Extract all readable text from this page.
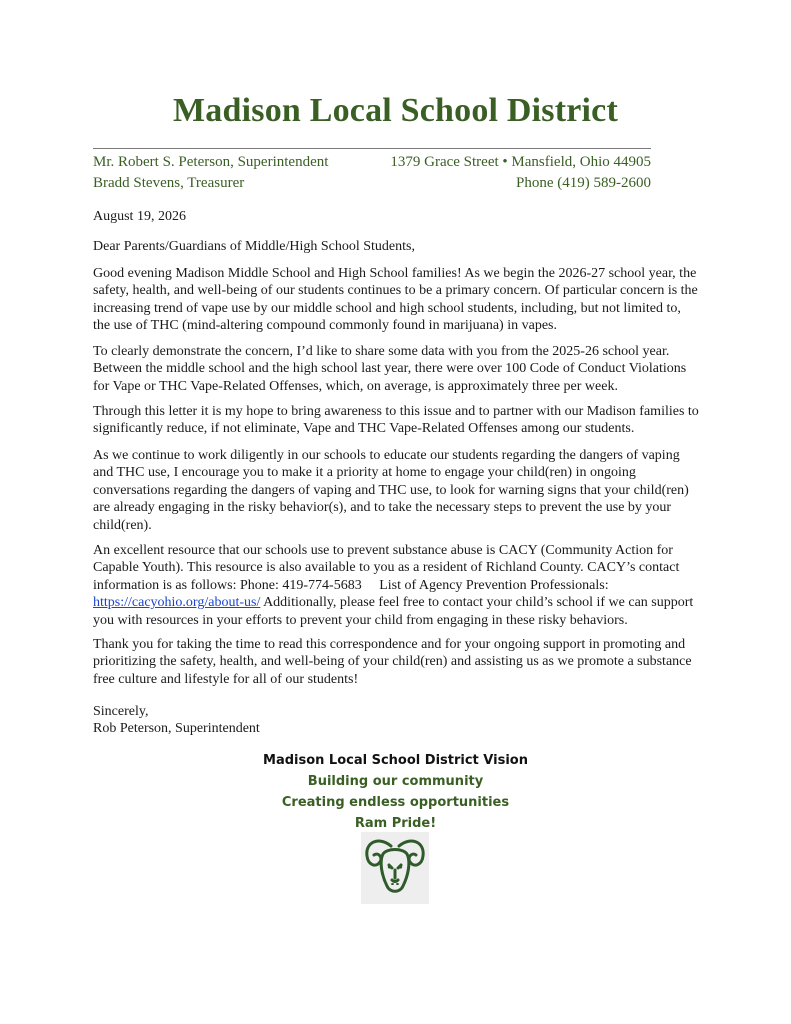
Madison Local School District
Mr. Robert S. Peterson, Superintendent
Bradd Stevens, Treasurer
1379 Grace Street • Mansfield, Ohio 44905
Phone (419) 589-2600

August 19, 2026

Dear Parents/Guardians of Middle/High School Students,

Good evening Madison Middle School and High School families! As we begin the 2026-27 school year, the safety, health, and well-being of our students continues to be a primary concern. Of particular concern is the increasing trend of vape use by our middle school and high school students, including, but not limited to, the use of THC (mind-altering compound commonly found in marijuana) in vapes.

To clearly demonstrate the concern, I’d like to share some data with you from the 2025-26 school year. Between the middle school and the high school last year, there were over 100 Code of Conduct Violations for Vape or THC Vape-Related Offenses, which, on average, is approximately three per week.

Through this letter it is my hope to bring awareness to this issue and to partner with our Madison families to significantly reduce, if not eliminate, Vape and THC Vape-Related Offenses among our students.

As we continue to work diligently in our schools to educate our students regarding the dangers of vaping and THC use, I encourage you to make it a priority at home to engage your child(ren) in ongoing conversations regarding the dangers of vaping and THC use, to look for warning signs that your child(ren) are already engaging in the risky behavior(s), and to take the necessary steps to prevent the use by your child(ren).

An excellent resource that our schools use to prevent substance abuse is CACY (Community Action for Capable Youth). This resource is also available to you as a resident of Richland County. CACY’s contact information is as follows: Phone: 419-774-5683  List of Agency Prevention Professionals: https://cacyohio.org/about-us/ Additionally, please feel free to contact your child’s school if we can support you with resources in your efforts to prevent your child from engaging in these risky behaviors.

Thank you for taking the time to read this correspondence and for your ongoing support in promoting and prioritizing the safety, health, and well-being of your child(ren) and assisting us as we promote a substance free culture and lifestyle for all of our students!

Sincerely,

Rob Peterson, Superintendent

Madison Local School District Vision
Building our community
Creating endless opportunities
Ram Pride!
